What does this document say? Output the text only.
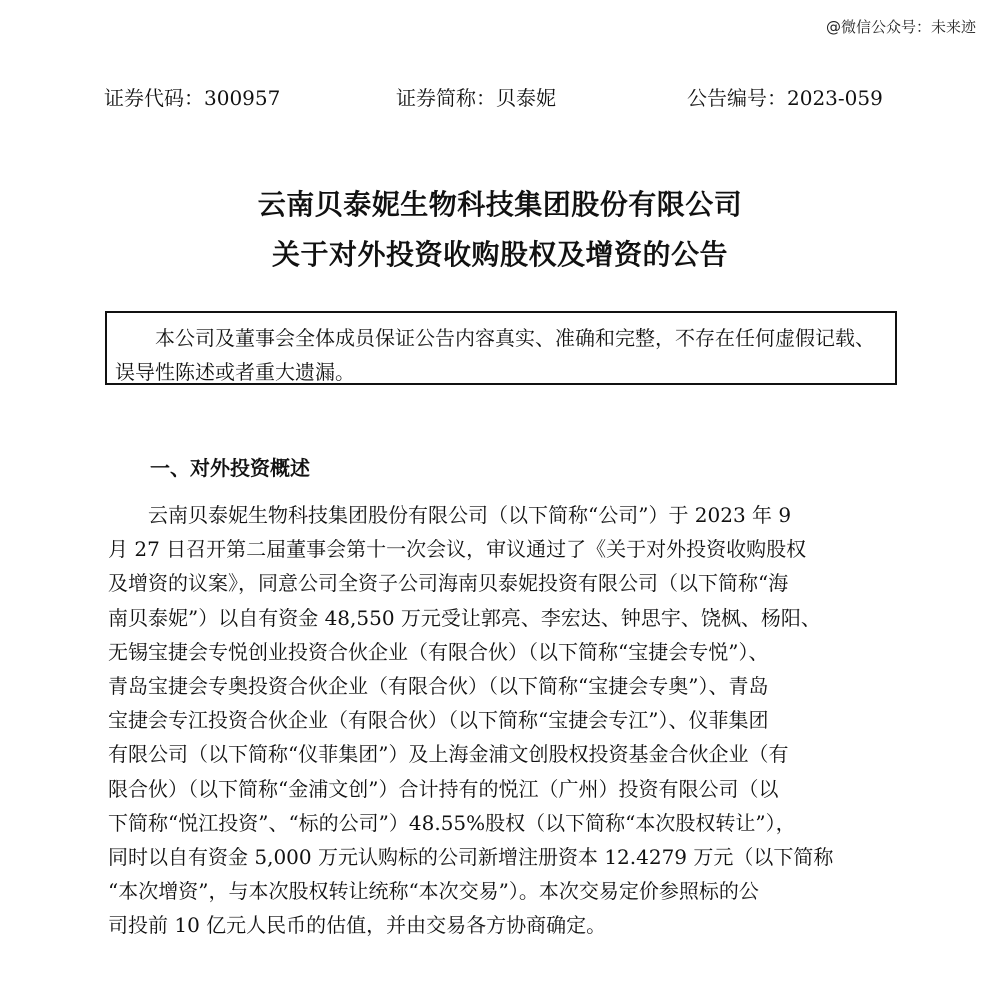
@微信公众号：未来迹
证券代码：300957	证券简称：贝泰妮	公告编号：2023-059
云南贝泰妮生物科技集团股份有限公司
关于对外投资收购股权及增资的公告
本公司及董事会全体成员保证公告内容真实、准确和完整，不存在任何虚假记载、误导性陈述或者重大遗漏。
一、对外投资概述
云南贝泰妮生物科技集团股份有限公司（以下简称“公司”）于 2023 年 9
月 27 日召开第二届董事会第十一次会议，审议通过了《关于对外投资收购股权
及增资的议案》，同意公司全资子公司海南贝泰妮投资有限公司（以下简称“海
南贝泰妮”）以自有资金 48,550 万元受让郭亮、李宏达、钟思宇、饶枫、杨阳、
无锡宝捷会专悦创业投资合伙企业（有限合伙）（以下简称“宝捷会专悦”）、
青岛宝捷会专奥投资合伙企业（有限合伙）（以下简称“宝捷会专奥”）、青岛
宝捷会专江投资合伙企业（有限合伙）（以下简称“宝捷会专江”）、仪菲集团
有限公司（以下简称“仪菲集团”）及上海金浦文创股权投资基金合伙企业（有
限合伙）（以下简称“金浦文创”）合计持有的悦江（广州）投资有限公司（以
下简称“悦江投资”、“标的公司”）48.55%股权（以下简称“本次股权转让”），
同时以自有资金 5,000 万元认购标的公司新增注册资本 12.4279 万元（以下简称
“本次增资”，与本次股权转让统称“本次交易”）。本次交易定价参照标的公
司投前 10 亿元人民币的估值，并由交易各方协商确定。
